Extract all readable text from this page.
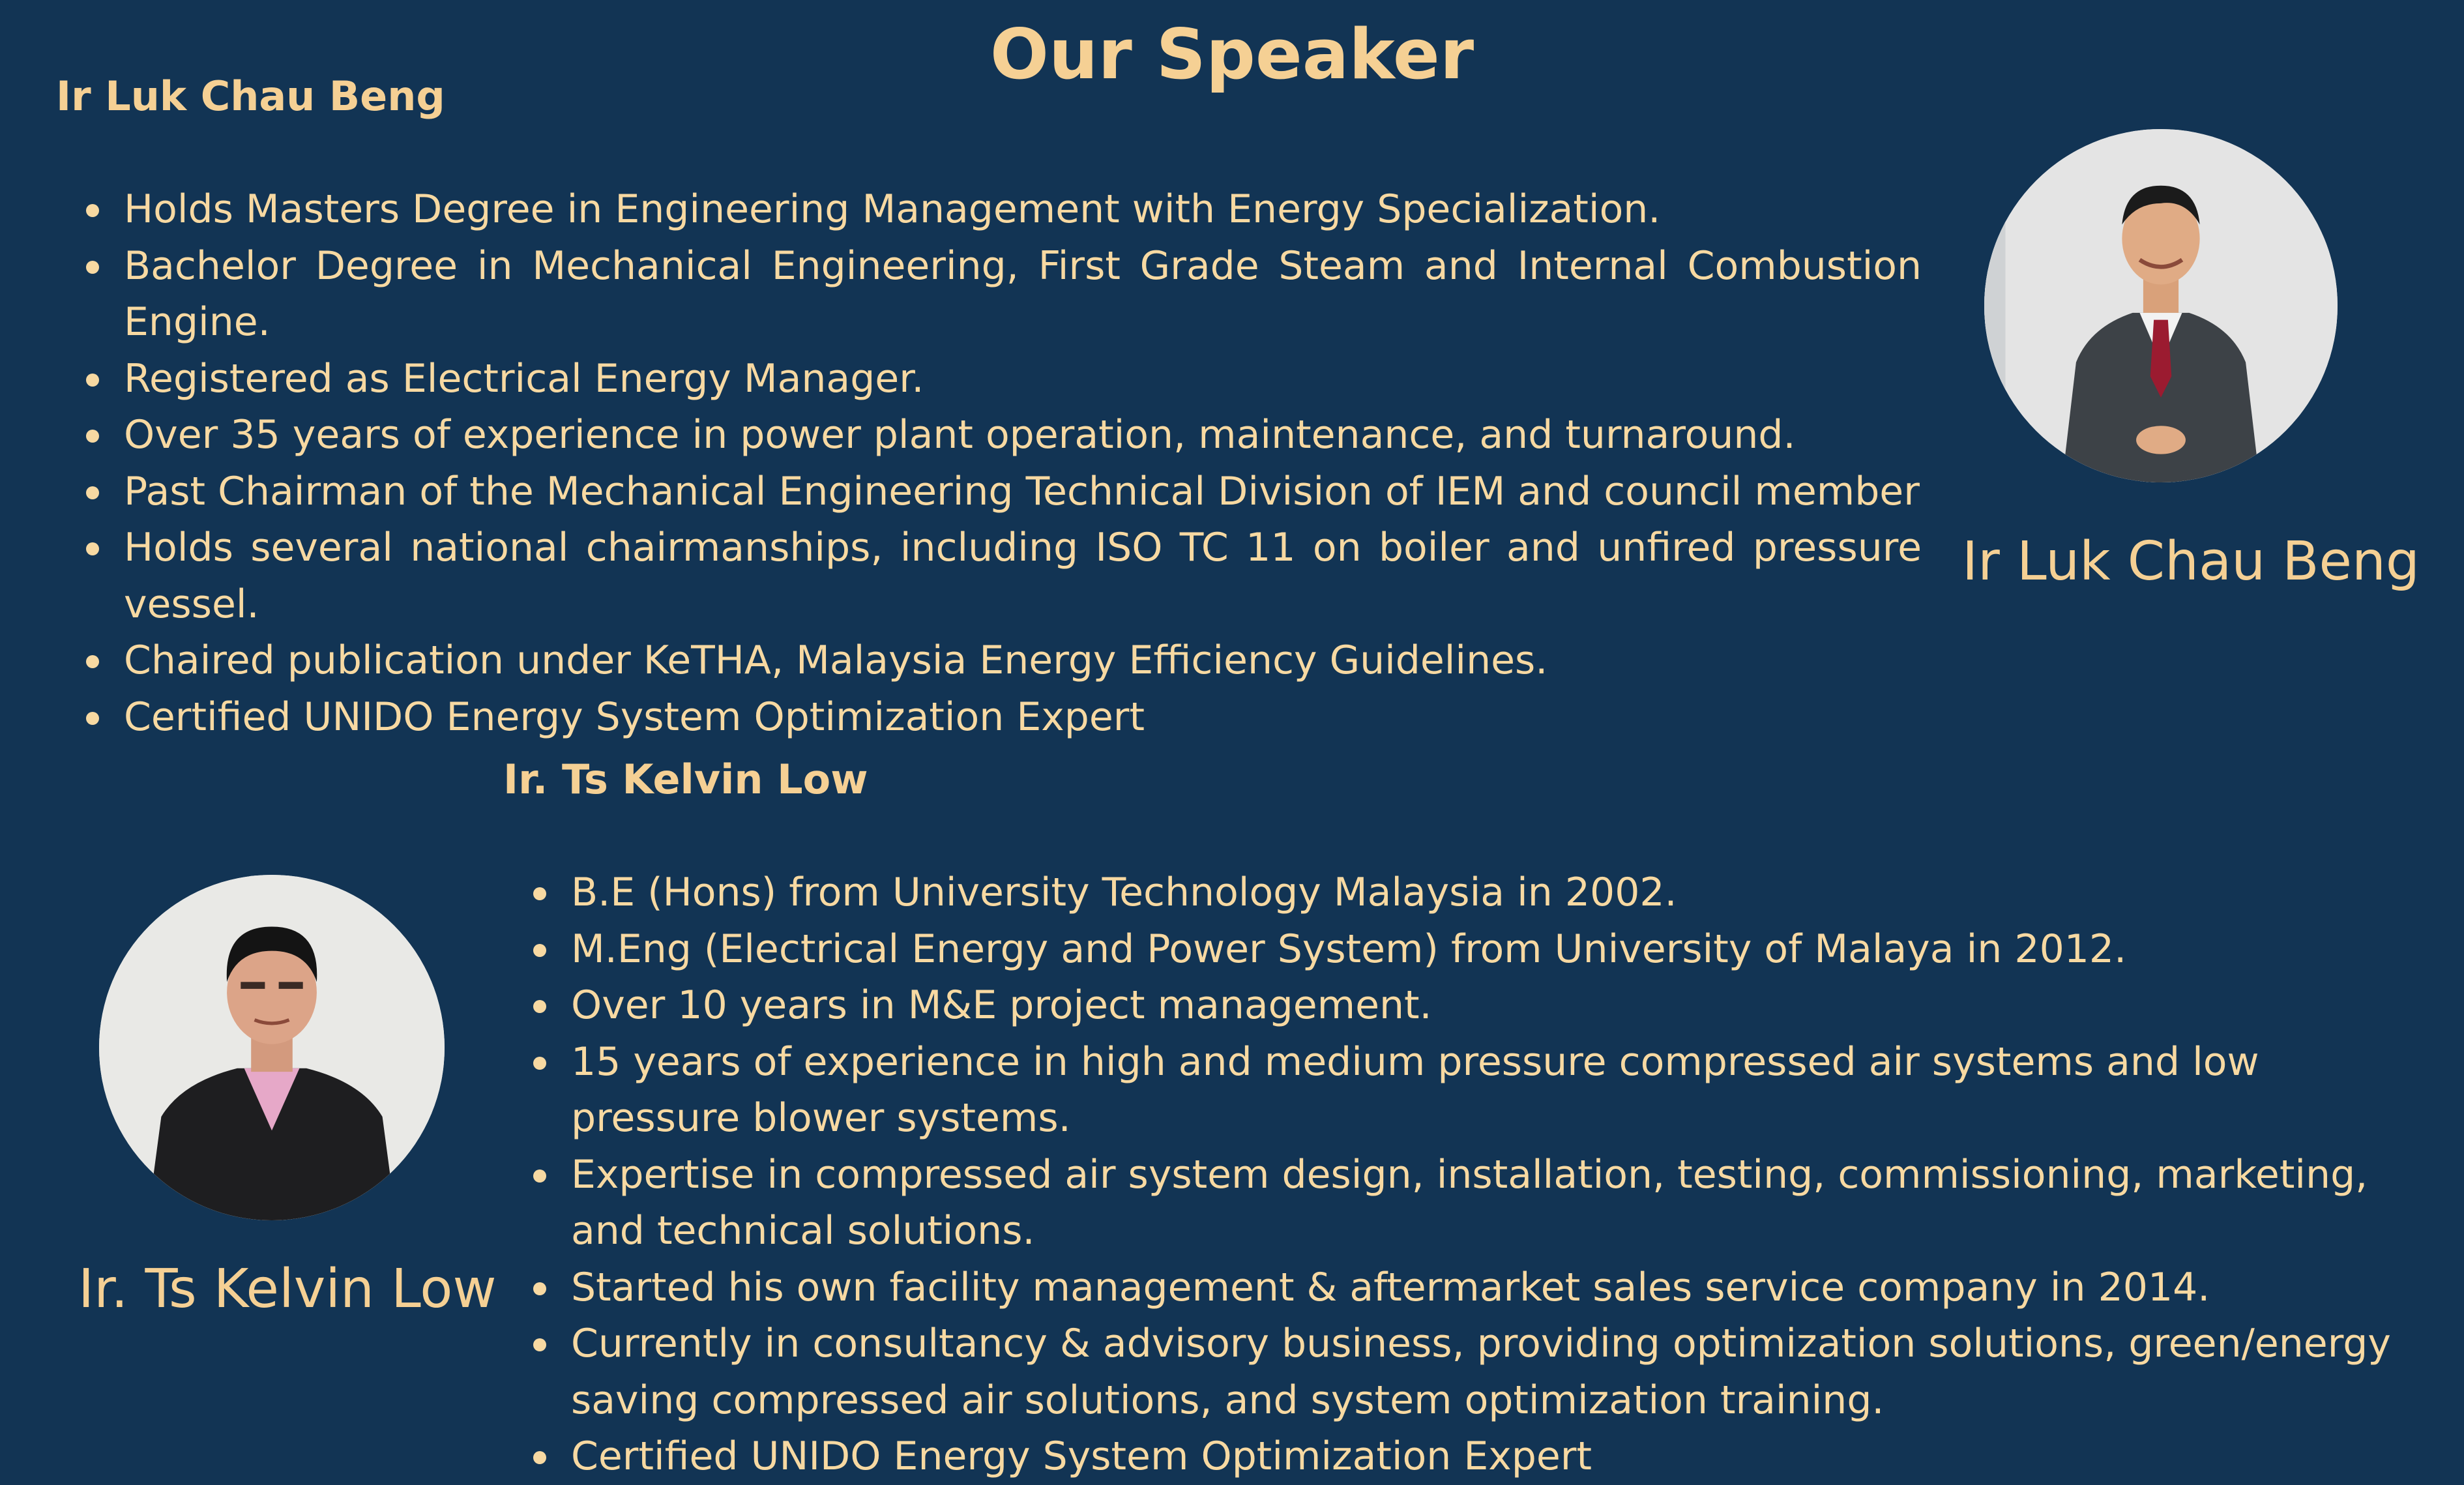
Our Speaker
Ir Luk Chau Beng
Holds Masters Degree in Engineering Management with Energy Specialization.
Bachelor Degree in Mechanical Engineering, First Grade Steam and Internal Combustion Engine.
Registered as Electrical Energy Manager.
Over 35 years of experience in power plant operation, maintenance, and turnaround.
Past Chairman of the Mechanical Engineering Technical Division of IEM and council member
Holds several national chairmanships, including ISO TC 11 on boiler and unfired pressure vessel.
Chaired publication under KeTHA, Malaysia Energy Efficiency Guidelines.
Certified UNIDO Energy System Optimization Expert
Ir Luk Chau Beng
Ir. Ts Kelvin Low
B.E (Hons) from University Technology Malaysia in 2002.
M.Eng (Electrical Energy and Power System) from University of Malaya in 2012.
Over 10 years in M&E project management.
15 years of experience in high and medium pressure compressed air systems and low pressure blower systems.
Expertise in compressed air system design, installation, testing, commissioning, marketing, and technical solutions.
Started his own facility management & aftermarket sales service company in 2014.
Currently in consultancy & advisory business, providing optimization solutions, green/energy saving compressed air solutions, and system optimization training.
Certified UNIDO Energy System Optimization Expert
Ir. Ts Kelvin Low
